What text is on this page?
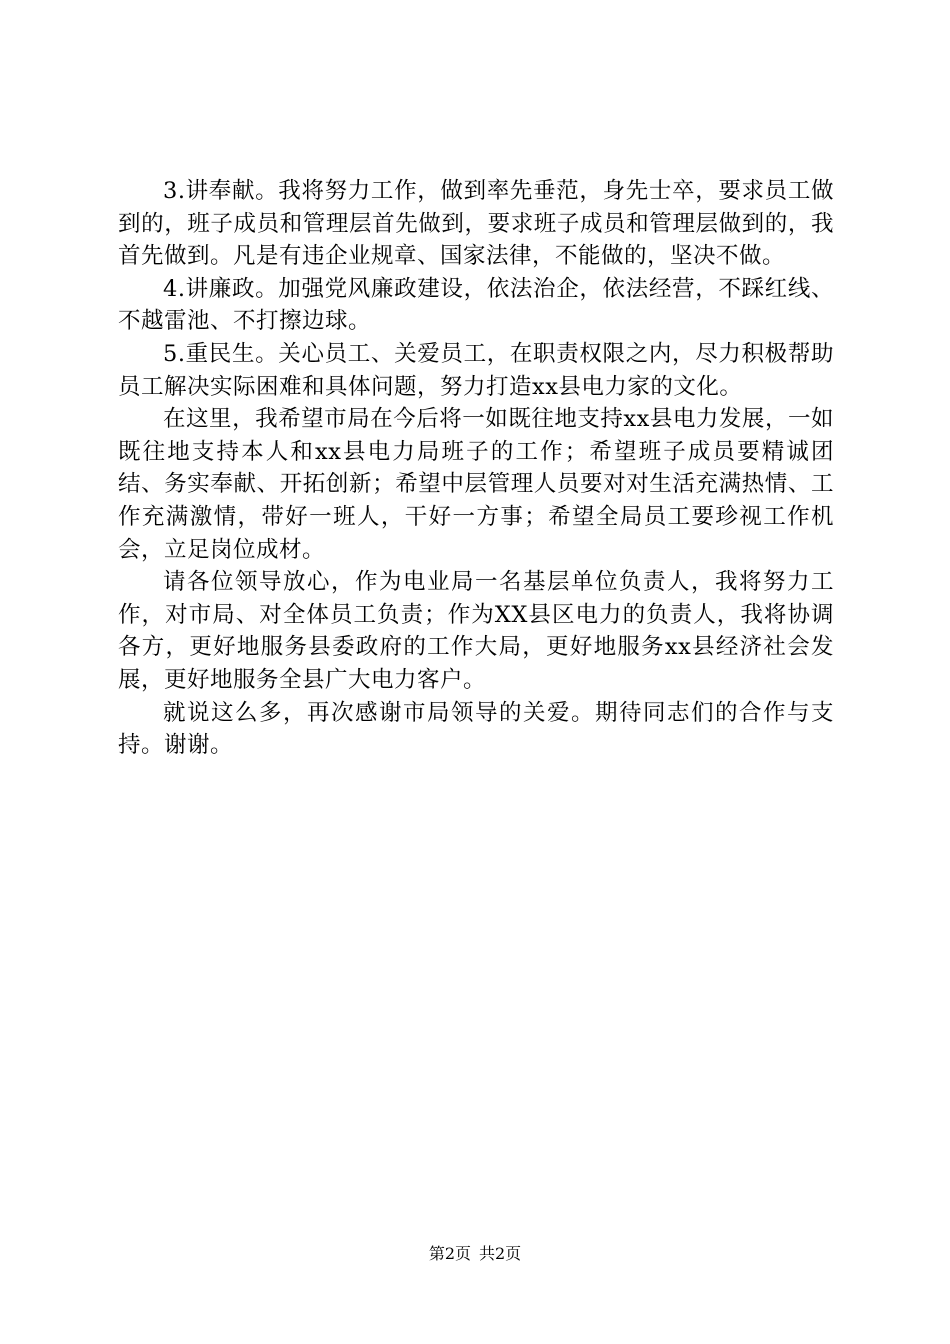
3.讲奉献。我将努力工作，做到率先垂范，身先士卒，要求员工做到的，班子成员和管理层首先做到，要求班子成员和管理层做到的，我首先做到。凡是有违企业规章、国家法律，不能做的，坚决不做。

4.讲廉政。加强党风廉政建设，依法治企，依法经营，不踩红线、不越雷池、不打擦边球。

5.重民生。关心员工、关爱员工，在职责权限之内，尽力积极帮助员工解决实际困难和具体问题，努力打造xx县电力家的文化。

在这里，我希望市局在今后将一如既往地支持xx县电力发展，一如既往地支持本人和xx县电力局班子的工作；希望班子成员要精诚团结、务实奉献、开拓创新；希望中层管理人员要对对生活充满热情、工作充满激情，带好一班人，干好一方事；希望全局员工要珍视工作机会，立足岗位成材。

请各位领导放心，作为电业局一名基层单位负责人，我将努力工作，对市局、对全体员工负责；作为XX县区电力的负责人，我将协调各方，更好地服务县委政府的工作大局，更好地服务xx县经济社会发展，更好地服务全县广大电力客户。

就说这么多，再次感谢市局领导的关爱。期待同志们的合作与支持。谢谢。

第2页 共2页
